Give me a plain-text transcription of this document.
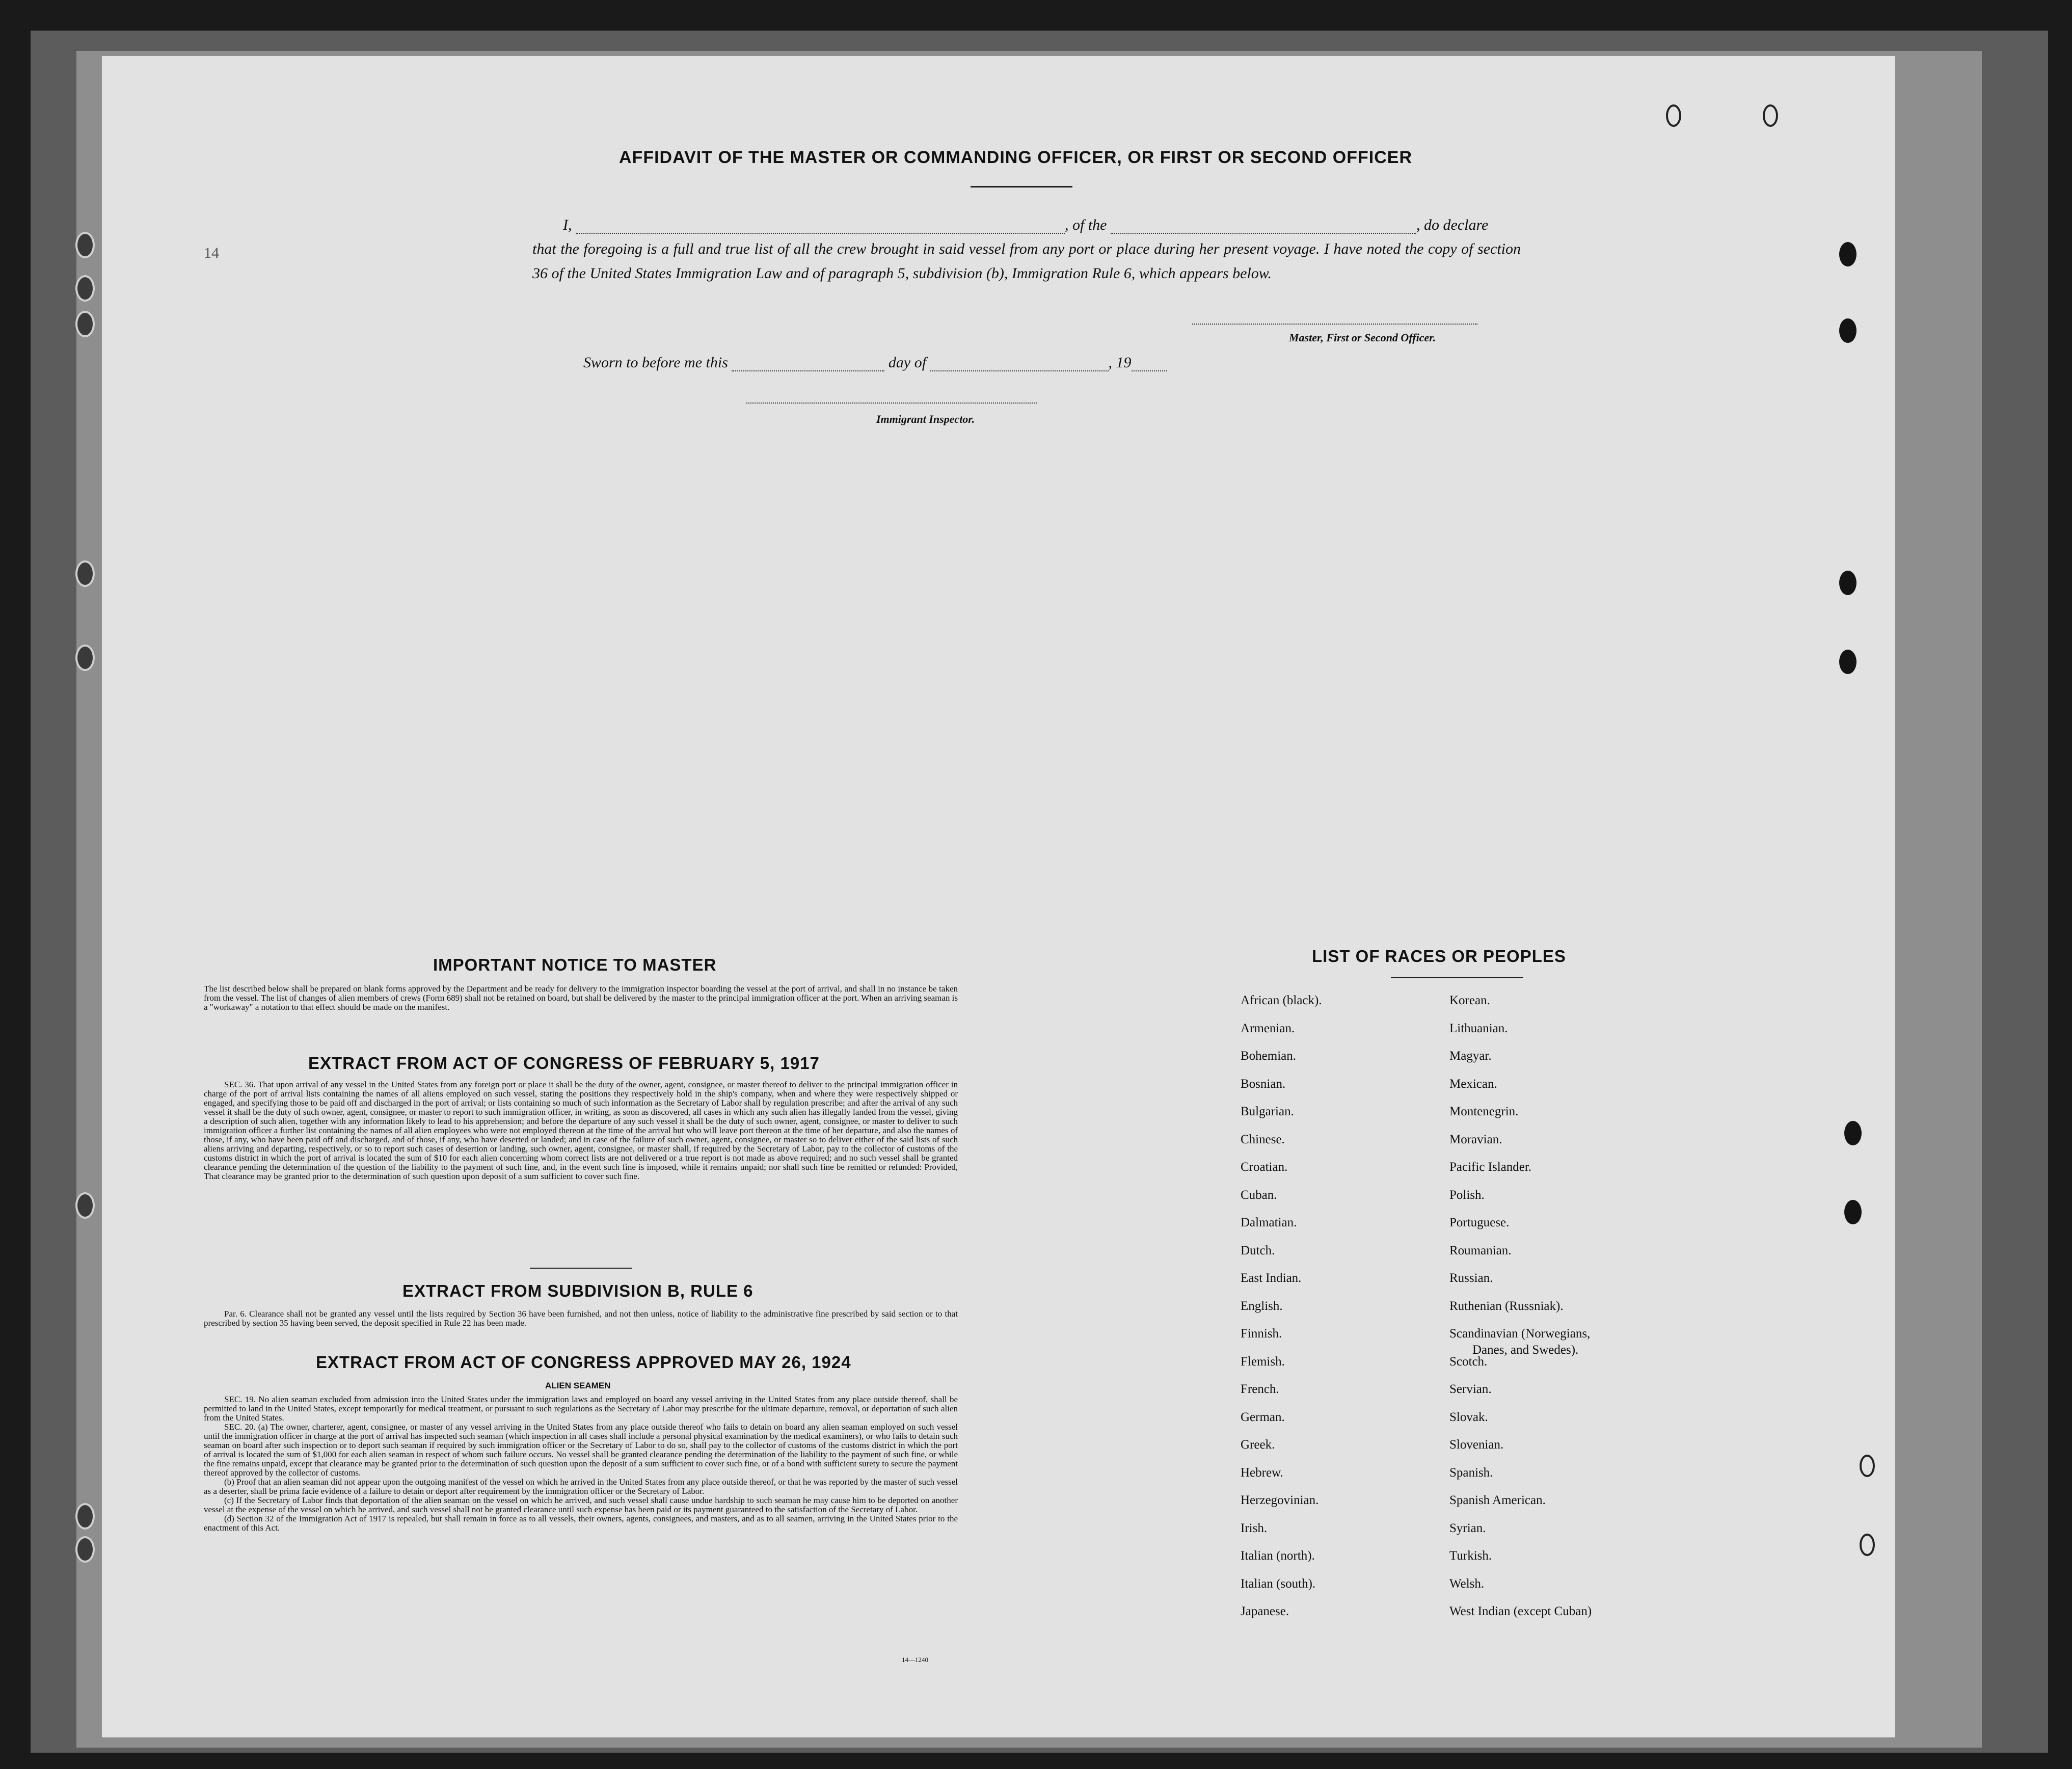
14
AFFIDAVIT OF THE MASTER OR COMMANDING OFFICER, OR FIRST OR SECOND OFFICER
I,	, of the	, do declare
that the foregoing is a full and true list of all the crew brought in said vessel from any port or place during her present voyage. I have noted the copy of section 36 of the United States Immigration Law and of paragraph 5, subdivision (b), Immigration Rule 6, which appears below.
Master, First or Second Officer.
Sworn to before me this	day of	, 19
Immigrant Inspector.
IMPORTANT NOTICE TO MASTER
The list described below shall be prepared on blank forms approved by the Department and be ready for delivery to the immigration inspector boarding the vessel at the port of arrival, and shall in no instance be taken from the vessel. The list of changes of alien members of crews (Form 689) shall not be retained on board, but shall be delivered by the master to the principal immigration officer at the port. When an arriving seaman is a "workaway" a notation to that effect should be made on the manifest.
EXTRACT FROM ACT OF CONGRESS OF FEBRUARY 5, 1917
SEC. 36. That upon arrival of any vessel in the United States from any foreign port or place it shall be the duty of the owner, agent, consignee, or master thereof to deliver to the principal immigration officer in charge of the port of arrival lists containing the names of all aliens employed on such vessel, stating the positions they respectively hold in the ship's company, when and where they were respectively shipped or engaged, and specifying those to be paid off and discharged in the port of arrival; or lists containing so much of such information as the Secretary of Labor shall by regulation prescribe; and after the arrival of any such vessel it shall be the duty of such owner, agent, consignee, or master to report to such immigration officer, in writing, as soon as discovered, all cases in which any such alien has illegally landed from the vessel, giving a description of such alien, together with any information likely to lead to his apprehension; and before the departure of any such vessel it shall be the duty of such owner, agent, consignee, or master to deliver to such immigration officer a further list containing the names of all alien employees who were not employed thereon at the time of the arrival but who will leave port thereon at the time of her departure, and also the names of those, if any, who have been paid off and discharged, and of those, if any, who have deserted or landed; and in case of the failure of such owner, agent, consignee, or master so to deliver either of the said lists of such aliens arriving and departing, respectively, or so to report such cases of desertion or landing, such owner, agent, consignee, or master shall, if required by the Secretary of Labor, pay to the collector of customs of the customs district in which the port of arrival is located the sum of $10 for each alien concerning whom correct lists are not delivered or a true report is not made as above required; and no such vessel shall be granted clearance pending the determination of the question of the liability to the payment of such fine, and, in the event such fine is imposed, while it remains unpaid; nor shall such fine be remitted or refunded: Provided, That clearance may be granted prior to the determination of such question upon deposit of a sum sufficient to cover such fine.
EXTRACT FROM SUBDIVISION B, RULE 6
Par. 6. Clearance shall not be granted any vessel until the lists required by Section 36 have been furnished, and not then unless, notice of liability to the administrative fine prescribed by said section or to that prescribed by section 35 having been served, the deposit specified in Rule 22 has been made.
EXTRACT FROM ACT OF CONGRESS APPROVED MAY 26, 1924
ALIEN SEAMEN
SEC. 19. No alien seaman excluded from admission into the United States under the immigration laws and employed on board any vessel arriving in the United States from any place outside thereof, shall be permitted to land in the United States, except temporarily for medical treatment, or pursuant to such regulations as the Secretary of Labor may prescribe for the ultimate departure, removal, or deportation of such alien from the United States.
SEC. 20. (a) The owner, charterer, agent, consignee, or master of any vessel arriving in the United States from any place outside thereof who fails to detain on board any alien seaman employed on such vessel until the immigration officer in charge at the port of arrival has inspected such seaman (which inspection in all cases shall include a personal physical examination by the medical examiners), or who fails to detain such seaman on board after such inspection or to deport such seaman if required by such immigration officer or the Secretary of Labor to do so, shall pay to the collector of customs of the customs district in which the port of arrival is located the sum of $1,000 for each alien seaman in respect of whom such failure occurs. No vessel shall be granted clearance pending the determination of the liability to the payment of such fine, or while the fine remains unpaid, except that clearance may be granted prior to the determination of such question upon the deposit of a sum sufficient to cover such fine, or of a bond with sufficient surety to secure the payment thereof approved by the collector of customs.
(b) Proof that an alien seaman did not appear upon the outgoing manifest of the vessel on which he arrived in the United States from any place outside thereof, or that he was reported by the master of such vessel as a deserter, shall be prima facie evidence of a failure to detain or deport after requirement by the immigration officer or the Secretary of Labor.
(c) If the Secretary of Labor finds that deportation of the alien seaman on the vessel on which he arrived, and such vessel shall cause undue hardship to such seaman he may cause him to be deported on another vessel at the expense of the vessel on which he arrived, and such vessel shall not be granted clearance until such expense has been paid or its payment guaranteed to the satisfaction of the Secretary of Labor.
(d) Section 32 of the Immigration Act of 1917 is repealed, but shall remain in force as to all vessels, their owners, agents, consignees, and masters, and as to all seamen, arriving in the United States prior to the enactment of this Act.
14—1240
LIST OF RACES OR PEOPLES
African (black).
Armenian.
Bohemian.
Bosnian.
Bulgarian.
Chinese.
Croatian.
Cuban.
Dalmatian.
Dutch.
East Indian.
English.
Finnish.
Flemish.
French.
German.
Greek.
Hebrew.
Herzegovinian.
Irish.
Italian (north).
Italian (south).
Japanese.
Korean.
Lithuanian.
Magyar.
Mexican.
Montenegrin.
Moravian.
Pacific Islander.
Polish.
Portuguese.
Roumanian.
Russian.
Ruthenian (Russniak).
Scandinavian (Norwegians,
Scotch.
Servian.
Slovak.
Slovenian.
Spanish.
Spanish American.
Syrian.
Turkish.
Welsh.
West Indian (except Cuban)
Danes, and Swedes).
